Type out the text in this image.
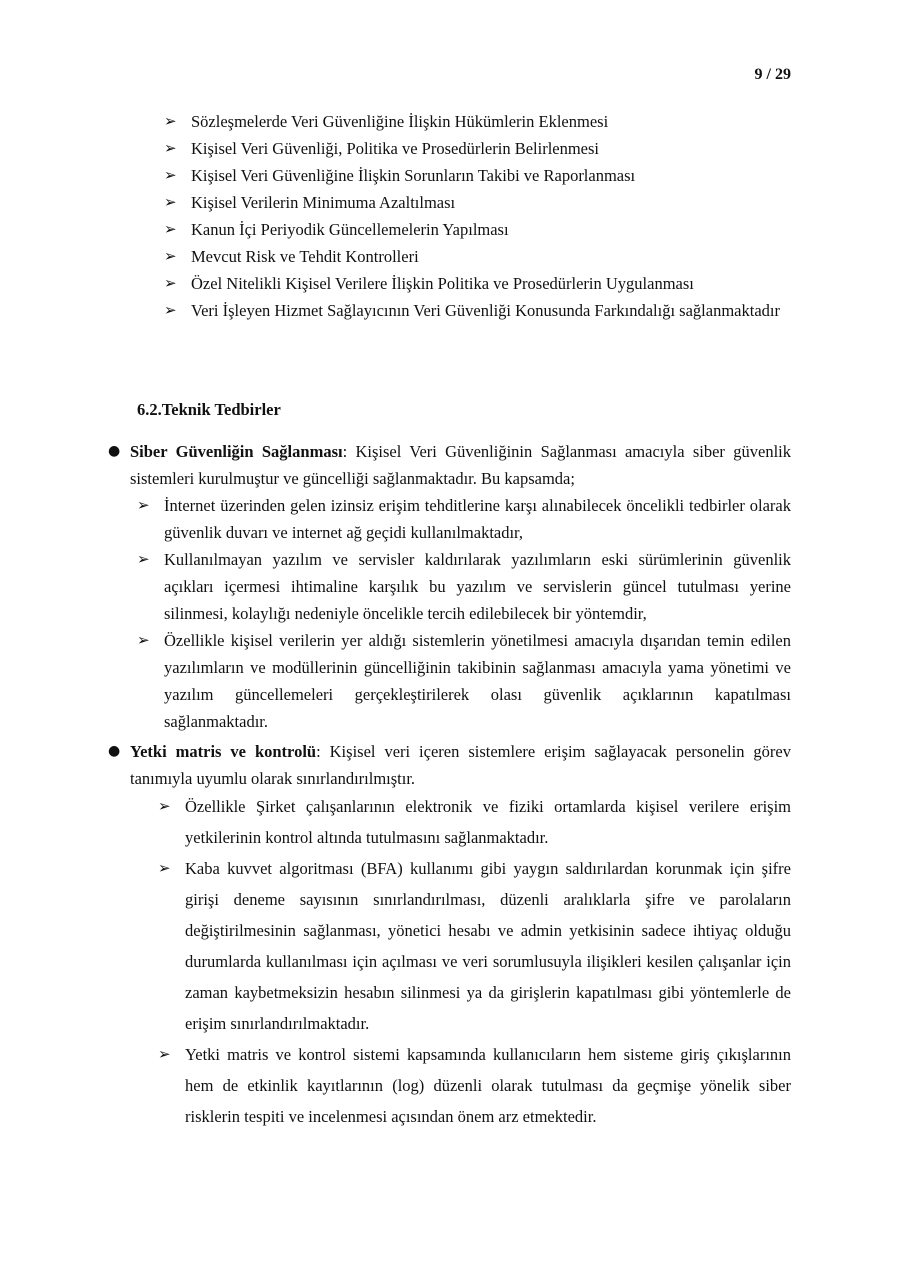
9 / 29
➢ Sözleşmelerde Veri Güvenliğine İlişkin Hükümlerin Eklenmesi
➢ Kişisel Veri Güvenliği, Politika ve Prosedürlerin Belirlenmesi
➢ Kişisel Veri Güvenliğine İlişkin Sorunların Takibi ve Raporlanması
➢ Kişisel Verilerin Minimuma Azaltılması
➢ Kanun İçi Periyodik Güncellemelerin Yapılması
➢ Mevcut Risk ve Tehdit Kontrolleri
➢ Özel Nitelikli Kişisel Verilere İlişkin Politika ve Prosedürlerin Uygulanması
➢ Veri İşleyen Hizmet Sağlayıcının Veri Güvenliği Konusunda Farkındalığı sağlanmaktadır
6.2.Teknik Tedbirler
● Siber Güvenliğin Sağlanması: Kişisel Veri Güvenliğinin Sağlanması amacıyla siber güvenlik sistemleri kurulmuştur ve güncelliği sağlanmaktadır. Bu kapsamda;
➢ İnternet üzerinden gelen izinsiz erişim tehditlerine karşı alınabilecek öncelikli tedbirler olarak güvenlik duvarı ve internet ağ geçidi kullanılmaktadır,
➢ Kullanılmayan yazılım ve servisler kaldırılarak yazılımların eski sürümlerinin güvenlik açıkları içermesi ihtimaline karşılık bu yazılım ve servislerin güncel tutulması yerine silinmesi, kolaylığı nedeniyle öncelikle tercih edilebilecek bir yöntemdir,
➢ Özellikle kişisel verilerin yer aldığı sistemlerin yönetilmesi amacıyla dışarıdan temin edilen yazılımların ve modüllerinin güncelliğinin takibinin sağlanması amacıyla yama yönetimi ve yazılım güncellemeleri gerçekleştirilerek olası güvenlik açıklarının kapatılması sağlanmaktadır.
● Yetki matris ve kontrolü: Kişisel veri içeren sistemlere erişim sağlayacak personelin görev tanımıyla uyumlu olarak sınırlandırılmıştır.
➢ Özellikle Şirket çalışanlarının elektronik ve fiziki ortamlarda kişisel verilere erişim yetkilerinin kontrol altında tutulmasını sağlanmaktadır.
➢ Kaba kuvvet algoritması (BFA) kullanımı gibi yaygın saldırılardan korunmak için şifre girişi deneme sayısının sınırlandırılması, düzenli aralıklarla şifre ve parolaların değiştirilmesinin sağlanması, yönetici hesabı ve admin yetkisinin sadece ihtiyaç olduğu durumlarda kullanılması için açılması ve veri sorumlusuyla ilişikleri kesilen çalışanlar için zaman kaybetmeksizin hesabın silinmesi ya da girişlerin kapatılması gibi yöntemlerle de erişim sınırlandırılmaktadır.
➢ Yetki matris ve kontrol sistemi kapsamında kullanıcıların hem sisteme giriş çıkışlarının hem de etkinlik kayıtlarının (log) düzenli olarak tutulması da geçmişe yönelik siber risklerin tespiti ve incelenmesi açısından önem arz etmektedir.
